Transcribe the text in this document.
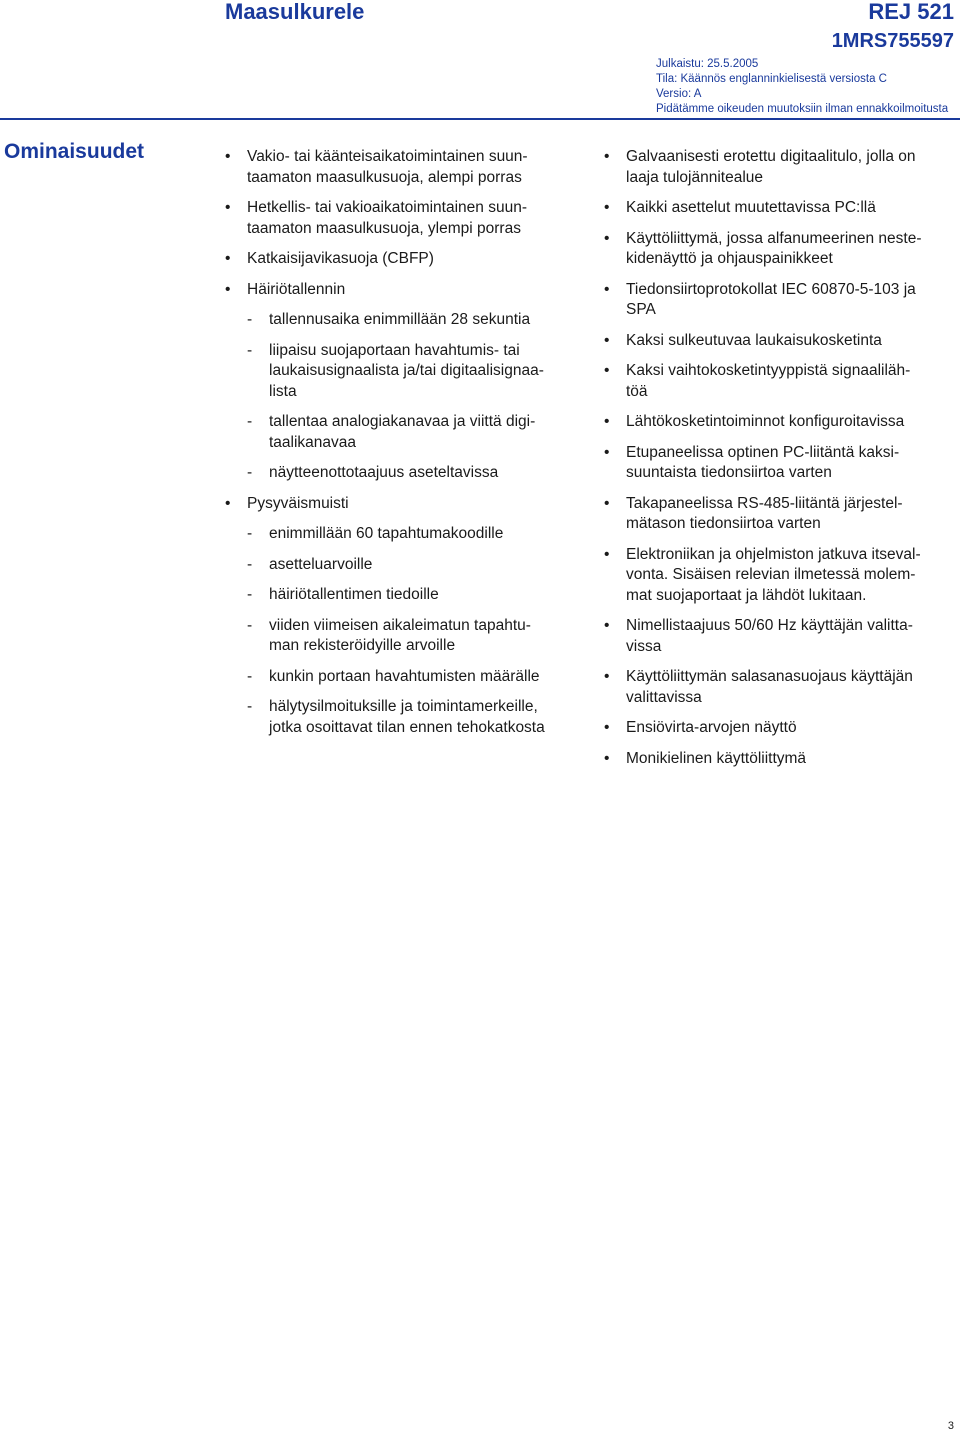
Maasulkurele	REJ 521
1MRS755597
Julkaistu: 25.5.2005
Tila: Käännös englanninkielisestä versiosta C
Versio: A
Pidätämme oikeuden muutoksiin ilman ennakkoilmoitusta
Ominaisuudet	• Vakio- tai käänteisaikatoimintainen suun-
taamaton maasulkusuoja, alempi porras
• Hetkellis- tai vakioaikatoimintainen suun-
taamaton maasulkusuoja, ylempi porras
• Katkaisijavikasuoja (CBFP)
• Häiriötallennin
- tallennusaika enimmillään 28 sekuntia
- liipaisu suojaportaan havahtumis- tai
laukaisusignaalista ja/tai digitaalisignaa-
lista
- tallentaa analogiakanavaa ja viittä digi-
taalikanavaa
- näytteenottotaajuus aseteltavissa
• Pysyväismuisti
- enimmillään 60 tapahtumakoodille
- asetteluarvoille
- häiriötallentimen tiedoille
- viiden viimeisen aikaleimatun tapahtu-
man rekisteröidyille arvoille
- kunkin portaan havahtumisten määrälle
- hälytysilmoituksille ja toimintamerkeille,
jotka osoittavat tilan ennen tehokatkosta
• Galvaanisesti erotettu digitaalitulo, jolla on
laaja tulojännitealue
• Kaikki asettelut muutettavissa PC:llä
• Käyttöliittymä, jossa alfanumeerinen neste-
kidenäyttö ja ohjauspainikkeet
• Tiedonsiirtoprotokollat IEC 60870-5-103 ja
SPA
• Kaksi sulkeutuvaa laukaisukosketinta
• Kaksi vaihtokosketintyyppistä signaaliläh-
töä
• Lähtökosketintoiminnot konfiguroitavissa
• Etupaneelissa optinen PC-liitäntä kaksi-
suuntaista tiedonsiirtoa varten
• Takapaneelissa RS-485-liitäntä järjestel-
mätason tiedonsiirtoa varten
• Elektroniikan ja ohjelmiston jatkuva itseval-
vonta. Sisäisen relevian ilmetessä molem-
mat suojaportaat ja lähdöt lukitaan.
• Nimellistaajuus 50/60 Hz käyttäjän valitta-
vissa
• Käyttöliittymän salasanasuojaus käyttäjän
valittavissa
• Ensiövirta-arvojen näyttö
• Monikielinen käyttöliittymä
3
